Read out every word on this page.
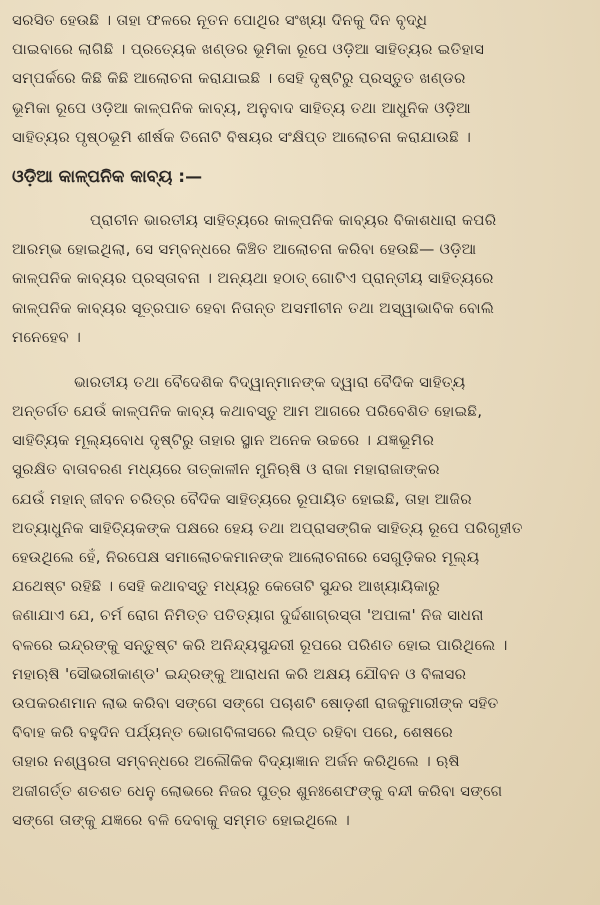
ସରସିତ ହେଉଛି । ତାହା ଫଳରେ ନୂତନ ପୋଥିର ସଂଖ୍ୟା ଦିନକୁ ଦିନ ବୃଦ୍ଧି

ପାଇବାରେ ଲାଗିଛି । ପ୍ରତ୍ୟେକ ଖଣ୍ଡର ଭୂମିକା ରୂପେ ଓଡ଼ିଆ ସାହିତ୍ୟର ଇତିହାସ

ସମ୍ପର୍କରେ କିଛି କିଛି ଆଲୋଚନା କରାଯାଇଛି । ସେହି ଦୃଷ୍ଟିରୁ ପ୍ରସ୍ତୁତ ଖଣ୍ଡର

ଭୂମିକା ରୂପେ ଓଡ଼ିଆ କାଳ୍ପନିକ କାବ୍ୟ, ଅନୁବାଦ ସାହିତ୍ୟ ତଥା ଆଧୁନିକ ଓଡ଼ିଆ

ସାହିତ୍ୟର ପୃଷ୍ଠଭୂମି ଶୀର୍ଷକ ତିନୋଟି ବିଷୟର ସଂକ୍ଷିପ୍ତ ଆଲୋଚନା କରାଯାଉଛି ।

ଓଡ଼ିଆ କାଳ୍ପନିକ କାବ୍ୟ :—

ପ୍ରାଚୀନ ଭାରତୀୟ ସାହିତ୍ୟରେ କାଳ୍ପନିକ କାବ୍ୟର ବିକାଶଧାରା କପରି

ଆରମ୍ଭ ହୋଇଥିଲା, ସେ ସମ୍ବନ୍ଧରେ କିଞ୍ଚିତ ଆଲୋଚନା କରିବା ହେଉଛି— ଓଡ଼ିଆ

କାଳ୍ପନିକ କାବ୍ୟର ପ୍ରସ୍ତାବନା । ଅନ୍ୟଥା ହଠାତ୍ ଗୋଟିଏ ପ୍ରାନ୍ତୀୟ ସାହିତ୍ୟରେ

କାଳ୍ପନିକ କାବ୍ୟର ସୂତ୍ରପାତ ହେବା ନିତାନ୍ତ ଅସମୀଚୀନ ତଥା ଅସ୍ୱାଭାବିକ ବୋଲି

ମନେହେବ ।

ଭାରତୀୟ ତଥା ବୈଦେଶିକ ବିଦ୍ୱାନ୍‌ମାନଙ୍କ ଦ୍ୱାରା ବୈଦିକ ସାହିତ୍ୟ

ଅନ୍ତର୍ଗତ ଯେଉଁ କାଳ୍ପନିକ କାବ୍ୟ କଥାବସ୍ତୁ ଆମ ଆଗରେ ପରିବେଶିତ ହୋଇଛି,

ସାହିତ୍ୟିକ ମୂଲ୍ୟବୋଧ ଦୃଷ୍ଟିରୁ ତାହାର ସ୍ଥାନ ଅନେକ ଉଚ୍ଚରେ । ଯଜ୍ଞଭୂମିର

ସୁରକ୍ଷିତ ବାତାବରଣ ମଧ୍ୟରେ ତାତ୍କାଳୀନ ମୁନିଋଷି ଓ ରାଜା ମହାରାଜାଙ୍କର

ଯେଉଁ ମହାନ୍ ଜୀବନ ଚରିତ୍ର ବୈଦିକ ସାହିତ୍ୟରେ ରୂପାୟିତ ହୋଇଛି, ତାହା ଆଜିର

ଅତ୍ୟାଧୁନିକ ସାହିତ୍ୟିକଙ୍କ ପକ୍ଷରେ ହେୟ ତଥା ଅପ୍ରାସଙ୍ଗିକ ସାହିତ୍ୟ ରୂପେ ପରିଗୃହୀତ

ହେଉଥିଲେ ହେଁ, ନିରପେକ୍ଷ ସମାଲୋଚକମାନଙ୍କ ଆଲୋଚନାରେ ସେଗୁଡ଼ିକର ମୂଲ୍ୟ

ଯଥେଷ୍ଟ ରହିଛି । ସେହି କଥାବସ୍ତୁ ମଧ୍ୟରୁ କେତୋଟି ସୁନ୍ଦର ଆଖ୍ୟାୟିକାରୁ

ଜଣାଯାଏ ଯେ, ଚର୍ମ ରୋଗ ନିମିତ୍ତ ପତିତ୍ୟାଗ ଦୁର୍ଦ୍ଦଶାଗ୍ରସ୍ତା 'ଅପାଳା' ନିଜ ସାଧନା

ବଳରେ ଇନ୍ଦ୍ରଙ୍କୁ ସନ୍ତୁଷ୍ଟ କରି ଅନିନ୍ଦ୍ୟସୁନ୍ଦରୀ ରୂପରେ ପରିଣତ ହୋଇ ପାରିଥିଲେ ।

ମହାଋଷି 'ସୌଭରୀକାଣ୍ଡ' ଇନ୍ଦ୍ରଙ୍କୁ ଆରାଧନା କରି ଅକ୍ଷୟ ଯୌବନ ଓ ବିଳାସର

ଉପକରଣମାନ ଲାଭ କରିବା ସଙ୍ଗେ ସଙ୍ଗେ ପଚାଶଟି ଷୋଡ଼ଶୀ ରାଜକୁମାରୀଙ୍କ ସହିତ

ବିବାହ କରି ବହୁଦିନ ପର୍ଯ୍ୟନ୍ତ ଭୋଗବିଳାସରେ ଲିପ୍ତ ରହିବା ପରେ, ଶେଷରେ

ତାହାର ନଶ୍ୱରତା ସମ୍ବନ୍ଧରେ ଅଲୌକିକ ବିଦ୍ୟାଜ୍ଞାନ ଅର୍ଜନ କରିଥିଲେ । ଋଷି

ଅଜୀଗର୍ତ୍ତ ଶତଶତ ଧେନୁ ଲୋଭରେ ନିଜର ପୁତ୍ର ଶୁନଃଶେଫଙ୍କୁ ବନ୍ଦୀ କରିବା ସଙ୍ଗେ

ସଙ୍ଗେ ତାଙ୍କୁ ଯଜ୍ଞରେ ବଳି ଦେବାକୁ ସମ୍ମତ ହୋଇଥିଲେ ।
